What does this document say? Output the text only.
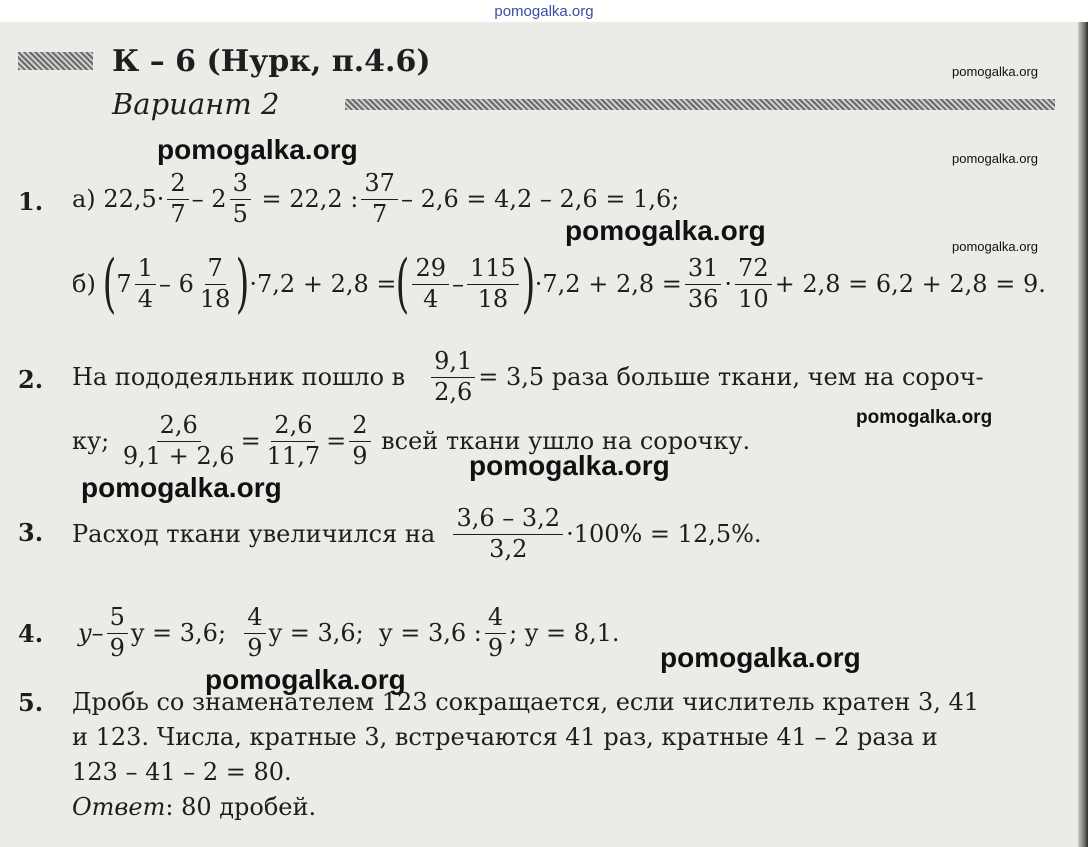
pomogalka.org
К – 6 (Нурк, п.4.6)
Вариант 2
pomogalka.org
pomogalka.org	pomogalka.org
pomogalka.org
pomogalka.org
pomogalka.org
pomogalka.org
pomogalka.org
pomogalka.org
pomogalka.org
1. а)
$22,5 \cdot \frac{2}{7} - 2 \frac{3}{5}$
= 22,2 : $\frac{37}{7} - 2,6 = 4,2 - 2,6 = 1,6$;
б)
( $7 \frac{1}{4} - 6 \frac{7}{18}$ ) ·7,2 + 2,8 = ( $\frac{29}{4} - \frac{115}{18}$ ) $\cdot 7,2 + 2,8 = \frac{31}{36} \cdot \frac{72}{10} + 2,8 = 6,2 + 2,8 = 9$.
2. На пододеяльник пошло в
$\frac{9,1}{2,6} = 3,5$ раза больше ткани, чем на сороч-
ку;
$\frac{2,6}{9,1 + 2,6} = \frac{2,6}{11,7} = \frac{2}{9}$
всей ткани ушло на сорочку.
3. Расход ткани увеличился на
$\frac{3,6 - 3,2}{3,2} \cdot 100\% = 12,5\%$.
4. y – $\frac{5}{9}$ y = 3,6;
$\frac{4}{9}$ y = 3,6;
y = 3,6 : $\frac{4}{9}$ ; y = 8,1.
5. Дробь со знаменателем 123 сокращается, если числитель кратен 3, 41
и 123. Числа, кратные 3, встречаются 41 раз, кратные 41 – 2 раза и
123 – 41 – 2 = 80.
Ответ: 80 дробей.
